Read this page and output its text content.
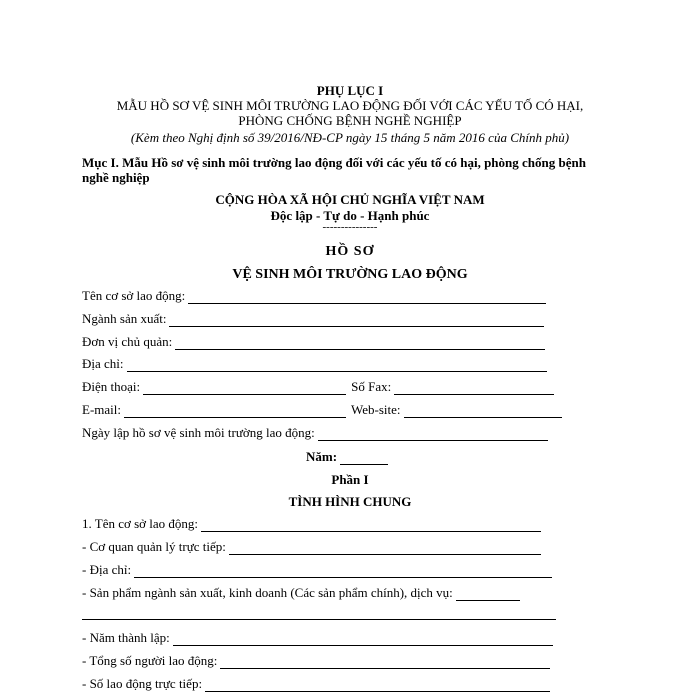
PHỤ LỤC I
MẪU HỒ SƠ VỆ SINH MÔI TRƯỜNG LAO ĐỘNG ĐỐI VỚI CÁC YẾU TỐ CÓ HẠI,
PHÒNG CHỐNG BỆNH NGHỀ NGHIỆP
(Kèm theo Nghị định số 39/2016/NĐ-CP ngày 15 tháng 5 năm 2016 của Chính phủ)
Mục I. Mẫu Hồ sơ vệ sinh môi trường lao động đối với các yếu tố có hại, phòng chống bệnh
nghề nghiệp
CỘNG HÒA XÃ HỘI CHỦ NGHĨA VIỆT NAM
Độc lập - Tự do - Hạnh phúc
---------------
HỒ SƠ
VỆ SINH MÔI TRƯỜNG LAO ĐỘNG
Tên cơ sở lao động:
Ngành sản xuất:
Đơn vị chủ quản:
Địa chỉ:
Điện thoại:	Số Fax:
E-mail:	Web-site:
Ngày lập hồ sơ vệ sinh môi trường lao động:
Năm:
Phần I
TÌNH HÌNH CHUNG
1. Tên cơ sở lao động:
- Cơ quan quản lý trực tiếp:
- Địa chỉ:
- Sản phẩm ngành sản xuất, kinh doanh (Các sản phẩm chính), dịch vụ:
- Năm thành lập:
- Tổng số người lao động:
- Số lao động trực tiếp:
